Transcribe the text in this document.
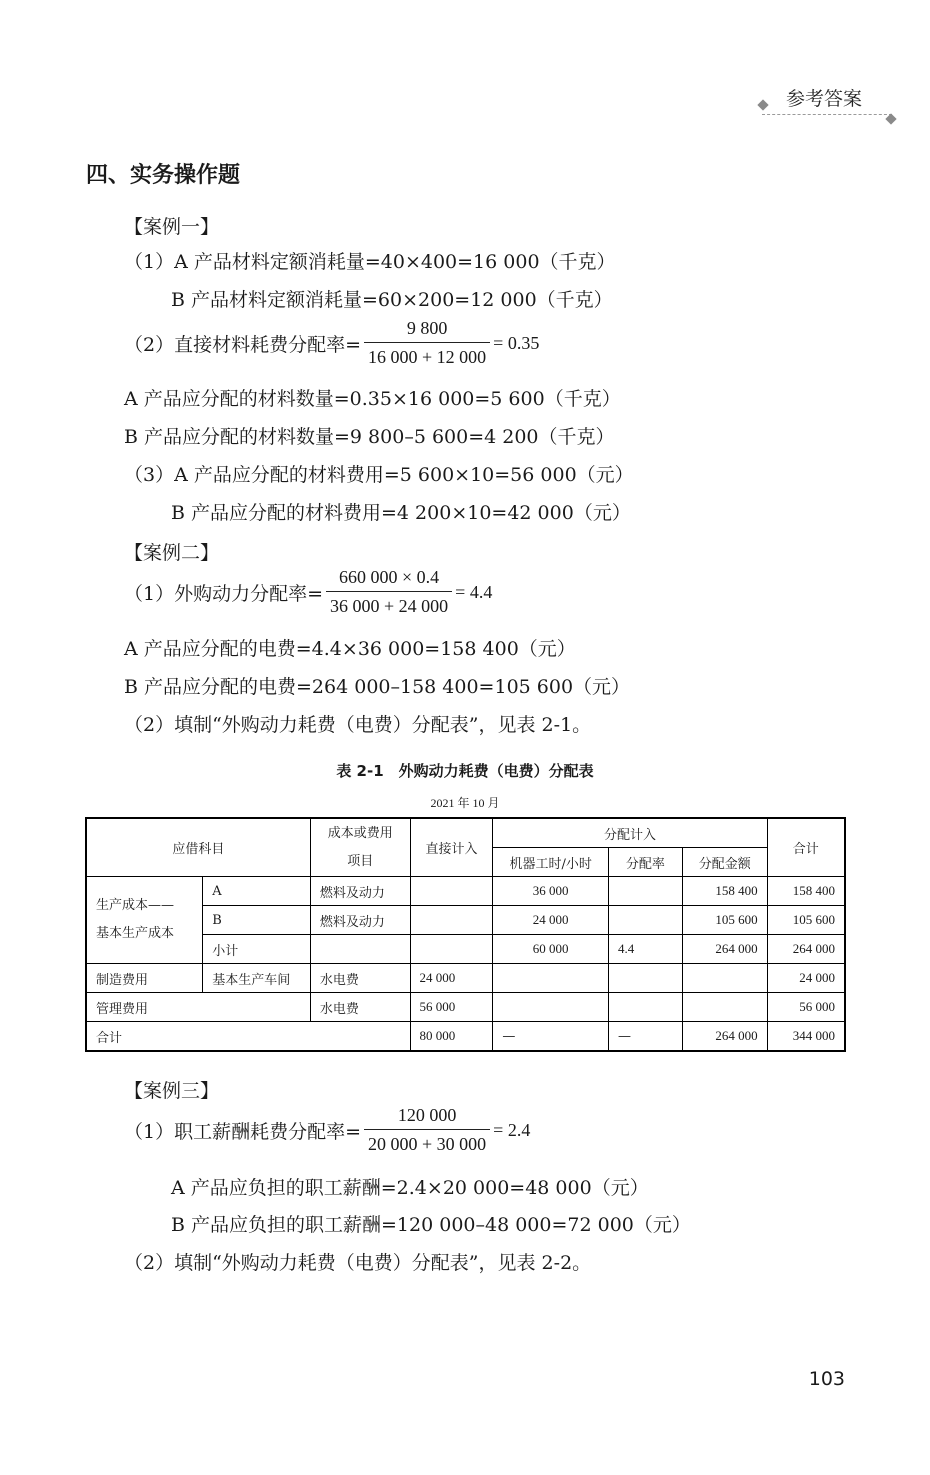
参考答案
四、实务操作题
【案例一】
（1）A 产品材料定额消耗量=40×400=16 000（千克）
B 产品材料定额消耗量=60×200=12 000（千克）
（2）直接材料耗费分配率= $\frac{9 800}{16 000 + 12 000} = 0.35$
A 产品应分配的材料数量=0.35×16 000=5 600（千克）
B 产品应分配的材料数量=9 800–5 600=4 200（千克）
（3）A 产品应分配的材料费用=5 600×10=56 000（元）
B 产品应分配的材料费用=4 200×10=42 000（元）
【案例二】
（1）外购动力分配率= $\frac{660 000 \times 0.4}{36 000 + 24 000} = 4.4$
A 产品应分配的电费=4.4×36 000=158 400（元）
B 产品应分配的电费=264 000–158 400=105 600（元）
（2）填制“外购动力耗费（电费）分配表”，见表 2-1。
表 2-1　外购动力耗费（电费）分配表
2021 年 10 月
应借科目		成本或费用
项目	直接计入	分配计入			合计
				机器工时/小时	分配率	分配金额	

生产成本——
基本生产成本	A	燃料及动力		36 000		158 400	158 400
	B	燃料及动力		24 000		105 600	105 600
	小计			60 000	4.4	264 000	264 000
制造费用	基本生产车间	水电费	24 000				24 000
管理费用		水电费	56 000				56 000
合计			80 000	—	—	264 000	344 000
【案例三】
（1）职工薪酬耗费分配率= $\frac{120 000}{20 000 + 30 000} = 2.4$
A 产品应负担的职工薪酬=2.4×20 000=48 000（元）
B 产品应负担的职工薪酬=120 000–48 000=72 000（元）
（2）填制“外购动力耗费（电费）分配表”，见表 2-2。
103
